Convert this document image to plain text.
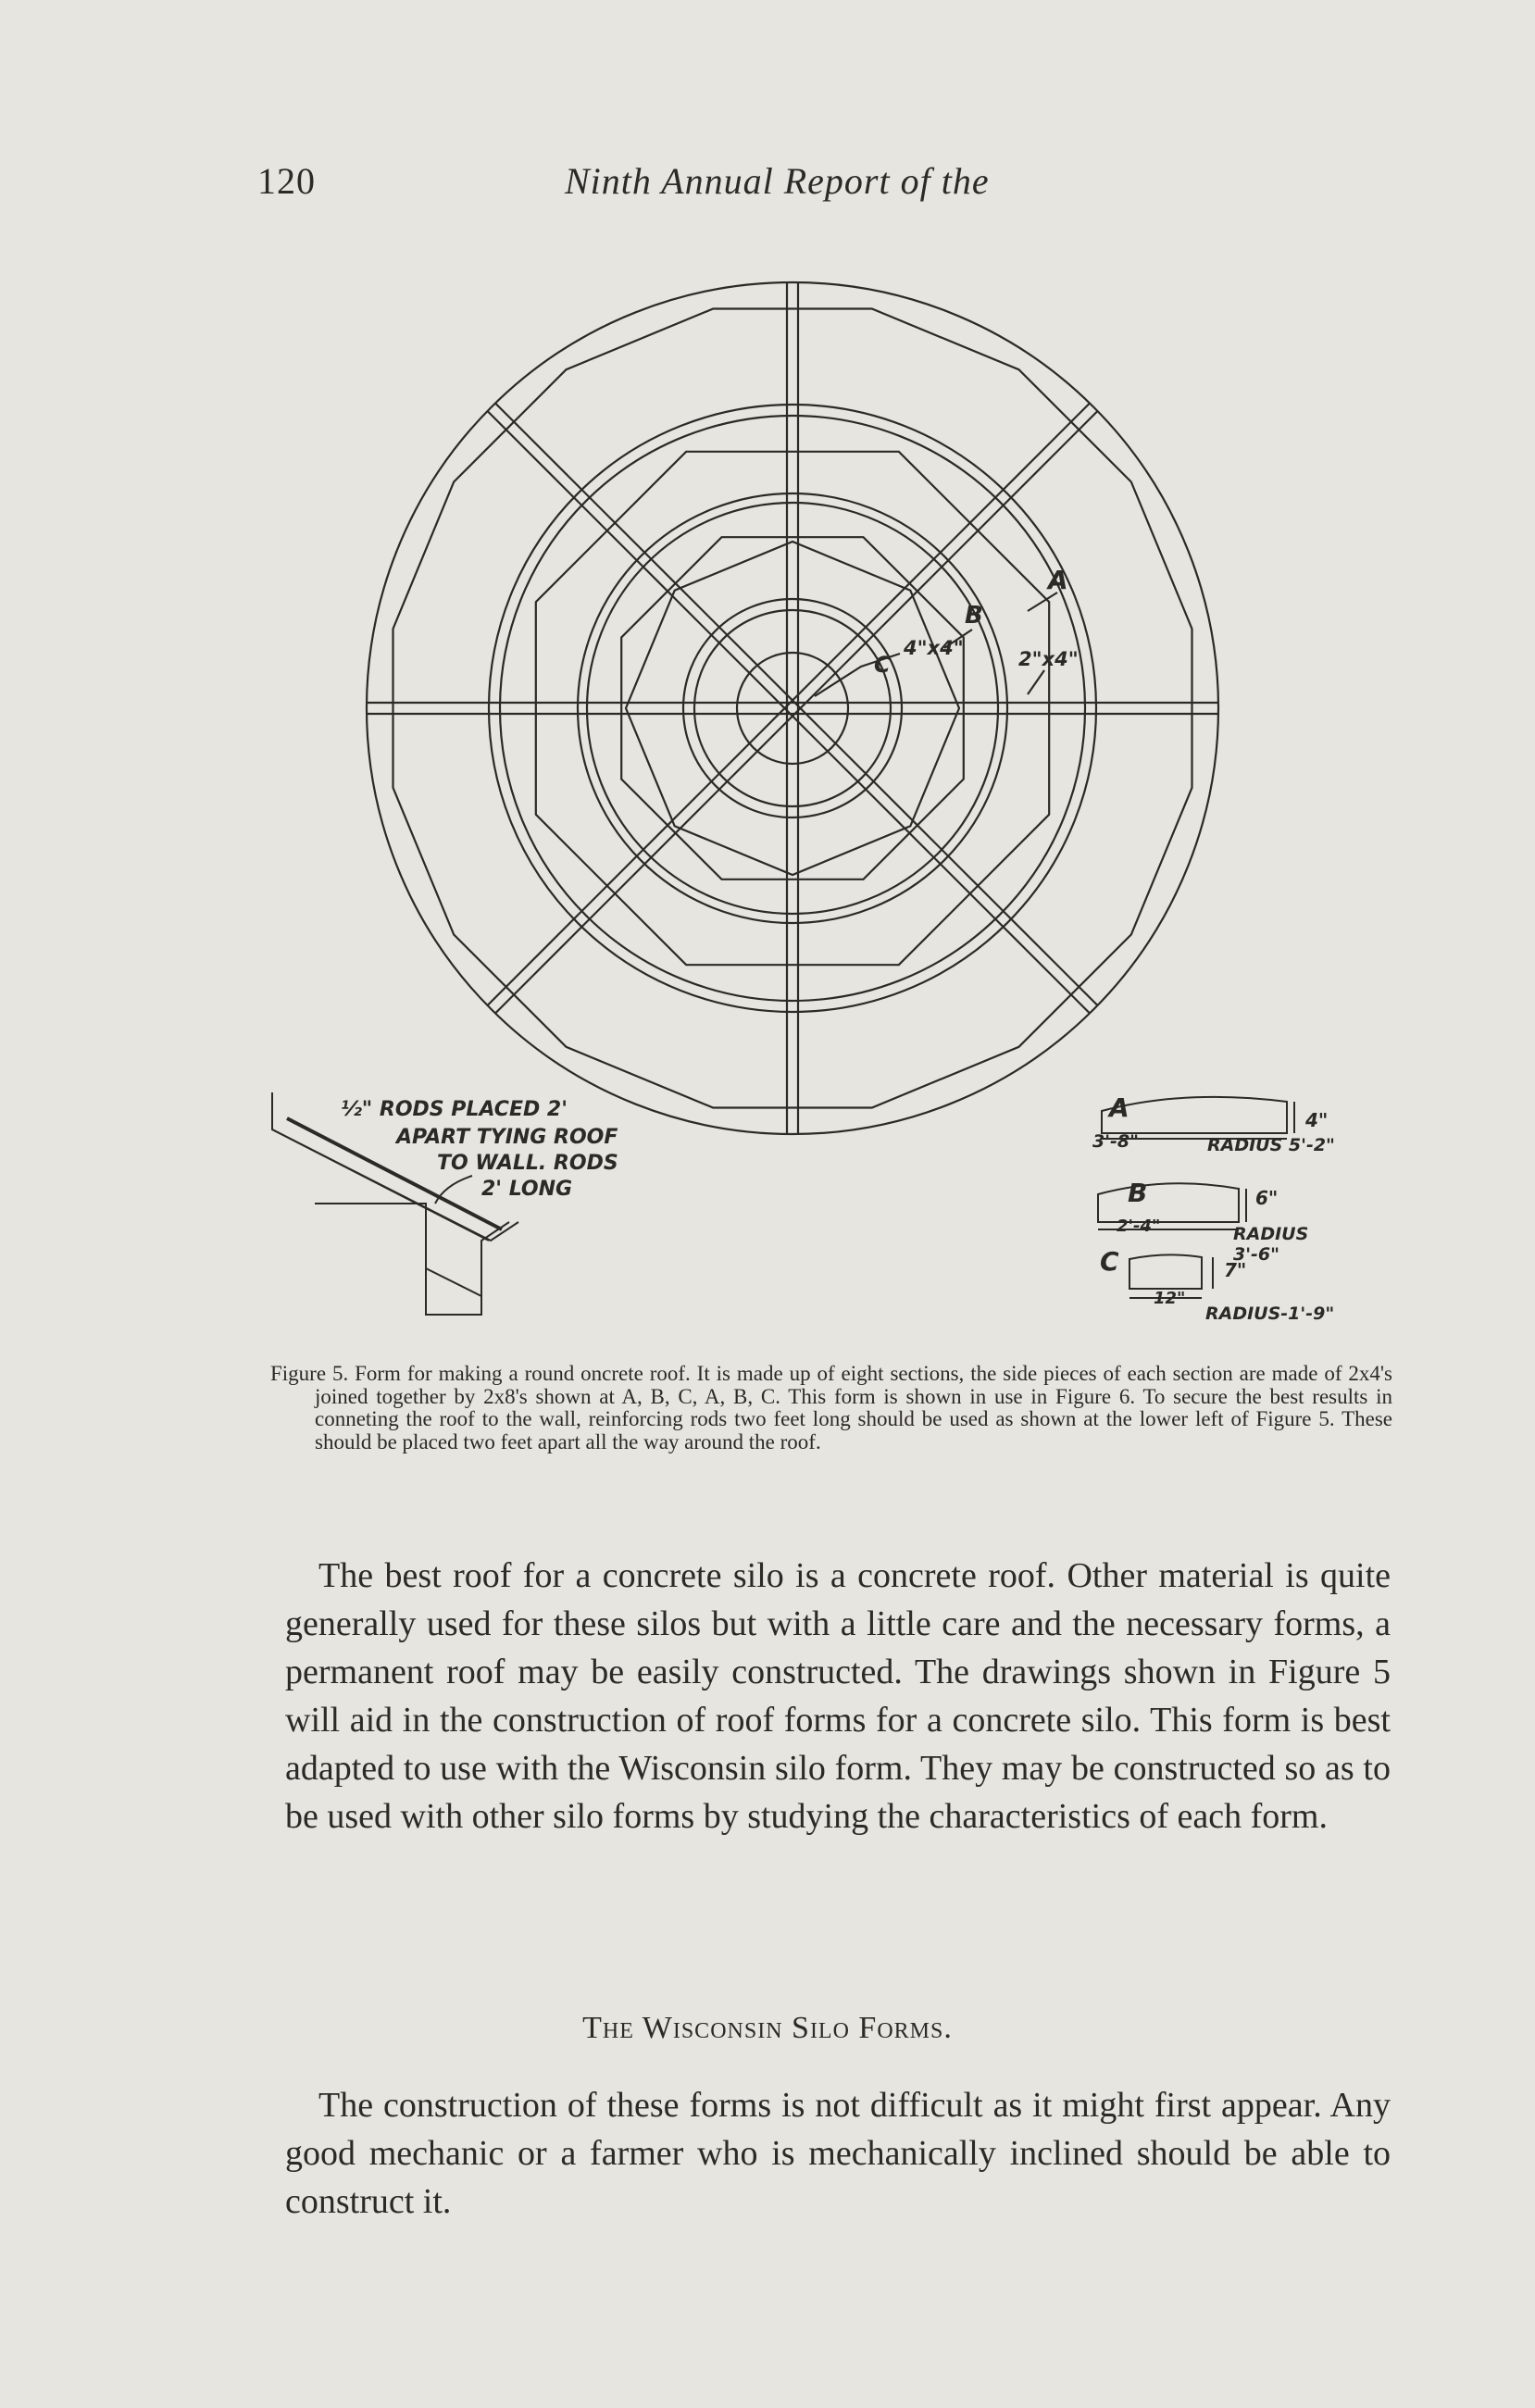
120	Ninth Annual Report of the
A
B
C
4"x4"	2"x4"
½" RODS PLACED 2'
APART TYING ROOF
TO WALL. RODS
2' LONG
A
3'-8"
4"
RADIUS 5'-2"
B
2'-4"
6"
RADIUS 3'-6"
C
12"
7"
RADIUS-1'-9"

Figure 5. Form for making a round oncrete roof. It is made up of eight sections, the side pieces of each section are made of 2x4's joined together by 2x8's shown at A, B, C, A, B, C. This form is shown in use in Figure 6. To secure the best results in conneting the roof to the wall, reinforcing rods two feet long should be used as shown at the lower left of Figure 5. These should be placed two feet apart all the way around the roof.

The best roof for a concrete silo is a concrete roof. Other material is quite generally used for these silos but with a little care and the necessary forms, a permanent roof may be easily constructed. The drawings shown in Figure 5 will aid in the construction of roof forms for a concrete silo. This form is best adapted to use with the Wisconsin silo form. They may be constructed so as to be used with other silo forms by studying the characteristics of each form.

The Wisconsin Silo Forms.

The construction of these forms is not difficult as it might first appear. Any good mechanic or a farmer who is mechanically inclined should be able to construct it.
